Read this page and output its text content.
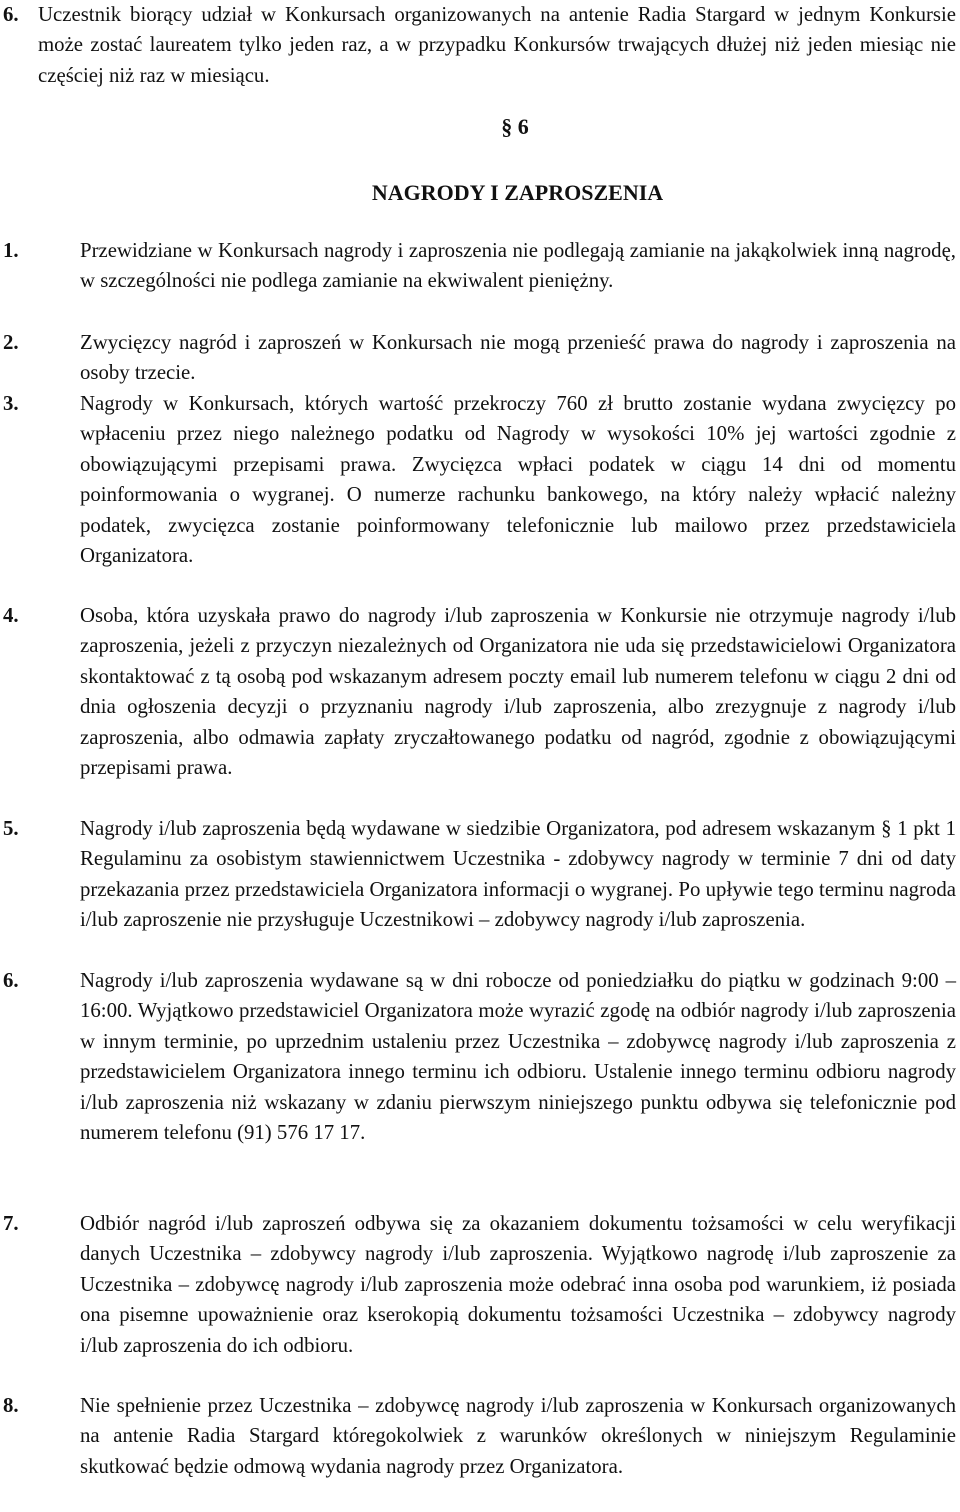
6. Uczestnik biorący udział w Konkursach organizowanych na antenie Radia Stargard w jednym Konkursie może zostać laureatem tylko jeden raz, a w przypadku Konkursów trwających dłużej niż jeden miesiąc nie częściej niż raz w miesiącu.
§ 6
NAGRODY I ZAPROSZENIA
1.	Przewidziane w Konkursach nagrody i zaproszenia nie podlegają zamianie na jakąkolwiek inną nagrodę, w szczególności nie podlega zamianie na ekwiwalent pieniężny.
2.	Zwycięzcy nagród i zaproszeń w Konkursach nie mogą przenieść prawa do nagrody i zaproszenia na osoby trzecie.
3.	Nagrody w Konkursach, których wartość przekroczy 760 zł brutto zostanie wydana zwycięzcy po wpłaceniu przez niego należnego podatku od Nagrody w wysokości 10% jej wartości zgodnie z obowiązującymi przepisami prawa. Zwycięzca wpłaci podatek w ciągu 14 dni od momentu poinformowania o wygranej. O numerze rachunku bankowego, na który należy wpłacić należny podatek, zwycięzca zostanie poinformowany telefonicznie lub mailowo przez przedstawiciela Organizatora.
4.	Osoba, która uzyskała prawo do nagrody i/lub zaproszenia w Konkursie nie otrzymuje nagrody i/lub zaproszenia, jeżeli z przyczyn niezależnych od Organizatora nie uda się przedstawicielowi Organizatora skontaktować z tą osobą pod wskazanym adresem poczty email lub numerem telefonu w ciągu 2 dni od dnia ogłoszenia decyzji o przyznaniu nagrody i/lub zaproszenia, albo zrezygnuje z nagrody i/lub zaproszenia, albo odmawia zapłaty zryczałtowanego podatku od nagród, zgodnie z obowiązującymi przepisami prawa.
5.	Nagrody i/lub zaproszenia będą wydawane w siedzibie Organizatora, pod adresem wskazanym § 1 pkt 1 Regulaminu za osobistym stawiennictwem Uczestnika - zdobywcy nagrody w terminie 7 dni od daty przekazania przez przedstawiciela Organizatora informacji o wygranej. Po upływie tego terminu nagroda i/lub zaproszenie nie przysługuje Uczestnikowi – zdobywcy nagrody i/lub zaproszenia.
6.	Nagrody i/lub zaproszenia wydawane są w dni robocze od poniedziałku do piątku w godzinach 9:00 – 16:00. Wyjątkowo przedstawiciel Organizatora może wyrazić zgodę na odbiór nagrody i/lub zaproszenia w innym terminie, po uprzednim ustaleniu przez Uczestnika – zdobywcę nagrody i/lub zaproszenia z przedstawicielem Organizatora innego terminu ich odbioru. Ustalenie innego terminu odbioru nagrody i/lub zaproszenia niż wskazany w zdaniu pierwszym niniejszego punktu odbywa się telefonicznie pod numerem telefonu (91) 576 17 17.
7.	Odbiór nagród i/lub zaproszeń odbywa się za okazaniem dokumentu tożsamości w celu weryfikacji danych Uczestnika – zdobywcy nagrody i/lub zaproszenia. Wyjątkowo nagrodę i/lub zaproszenie za Uczestnika – zdobywcę nagrody i/lub zaproszenia może odebrać inna osoba pod warunkiem, iż posiada ona pisemne upoważnienie oraz kserokopią dokumentu tożsamości Uczestnika – zdobywcy nagrody i/lub zaproszenia do ich odbioru.
8.	Nie spełnienie przez Uczestnika – zdobywcę nagrody i/lub zaproszenia w Konkursach organizowanych na antenie Radia Stargard któregokolwiek z warunków określonych w niniejszym Regulaminie skutkować będzie odmową wydania nagrody przez Organizatora.
